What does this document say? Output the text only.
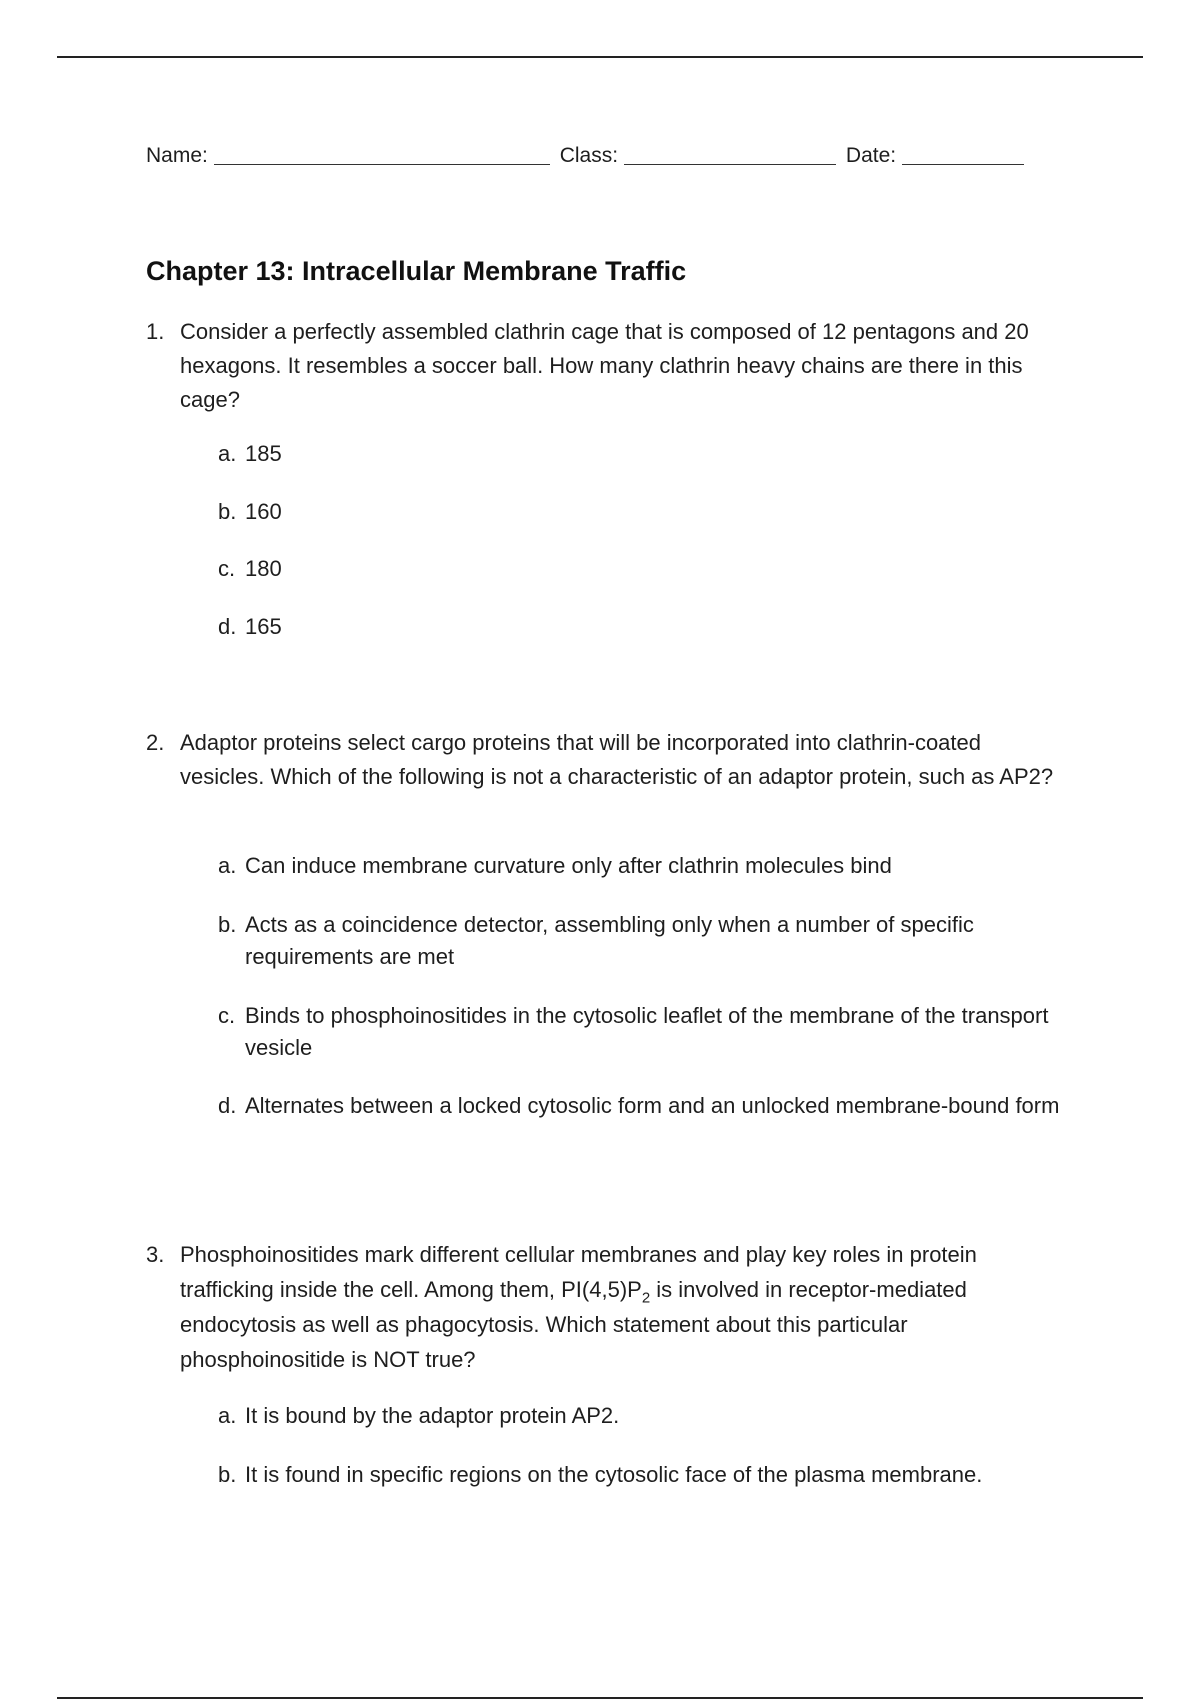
Name:	Class:	Date:
Chapter 13: Intracellular Membrane Traffic
1. Consider a perfectly assembled clathrin cage that is composed of 12 pentagons and 20 hexagons. It resembles a soccer ball. How many clathrin heavy chains are there in this cage?
a. 185
b. 160
c. 180
d. 165
2. Adaptor proteins select cargo proteins that will be incorporated into clathrin-coated vesicles. Which of the following is not a characteristic of an adaptor protein, such as AP2?
a. Can induce membrane curvature only after clathrin molecules bind
b. Acts as a coincidence detector, assembling only when a number of specific requirements are met
c. Binds to phosphoinositides in the cytosolic leaflet of the membrane of the transport vesicle
d. Alternates between a locked cytosolic form and an unlocked membrane-bound form
3. Phosphoinositides mark different cellular membranes and play key roles in protein trafficking inside the cell. Among them, $PI(4,5)P_2$ is involved in receptor-mediated endocytosis as well as phagocytosis. Which statement about this particular phosphoinositide is NOT true?
a. It is bound by the adaptor protein AP2.
b. It is found in specific regions on the cytosolic face of the plasma membrane.
